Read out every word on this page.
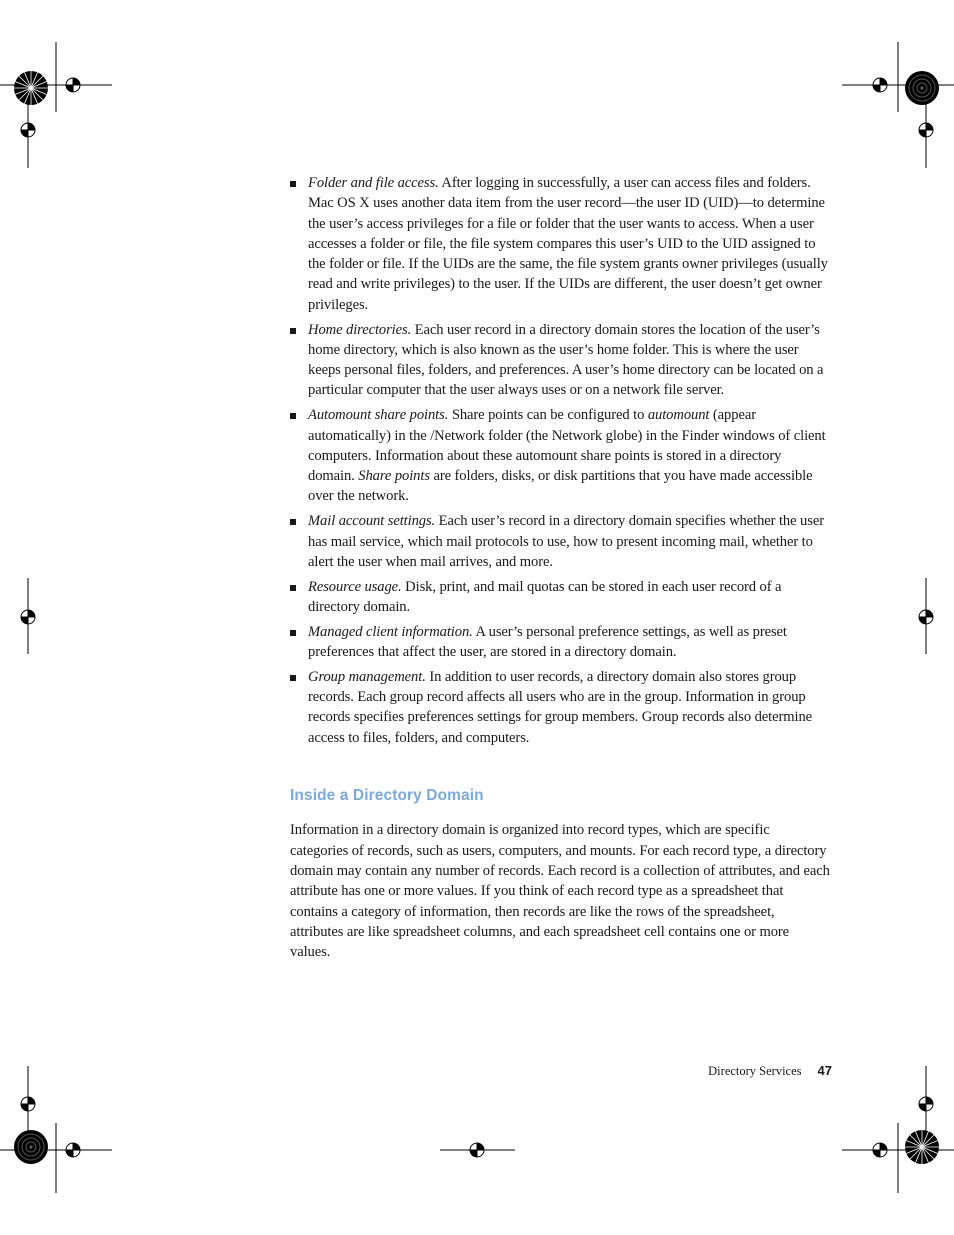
Folder and file access. After logging in successfully, a user can access files and folders. Mac OS X uses another data item from the user record—the user ID (UID)—to determine the user’s access privileges for a file or folder that the user wants to access. When a user accesses a folder or file, the file system compares this user’s UID to the UID assigned to the folder or file. If the UIDs are the same, the file system grants owner privileges (usually read and write privileges) to the user. If the UIDs are different, the user doesn’t get owner privileges.
Home directories. Each user record in a directory domain stores the location of the user’s home directory, which is also known as the user’s home folder. This is where the user keeps personal files, folders, and preferences. A user’s home directory can be located on a particular computer that the user always uses or on a network file server.
Automount share points. Share points can be configured to automount (appear automatically) in the /Network folder (the Network globe) in the Finder windows of client computers. Information about these automount share points is stored in a directory domain. Share points are folders, disks, or disk partitions that you have made accessible over the network.
Mail account settings. Each user’s record in a directory domain specifies whether the user has mail service, which mail protocols to use, how to present incoming mail, whether to alert the user when mail arrives, and more.
Resource usage. Disk, print, and mail quotas can be stored in each user record of a directory domain.
Managed client information. A user’s personal preference settings, as well as preset preferences that affect the user, are stored in a directory domain.
Group management. In addition to user records, a directory domain also stores group records. Each group record affects all users who are in the group. Information in group records specifies preferences settings for group members. Group records also determine access to files, folders, and computers.
Inside a Directory Domain

Information in a directory domain is organized into record types, which are specific categories of records, such as users, computers, and mounts. For each record type, a directory domain may contain any number of records. Each record is a collection of attributes, and each attribute has one or more values. If you think of each record type as a spreadsheet that contains a category of information, then records are like the rows of the spreadsheet, attributes are like spreadsheet columns, and each spreadsheet cell contains one or more values.

Directory Services 47
